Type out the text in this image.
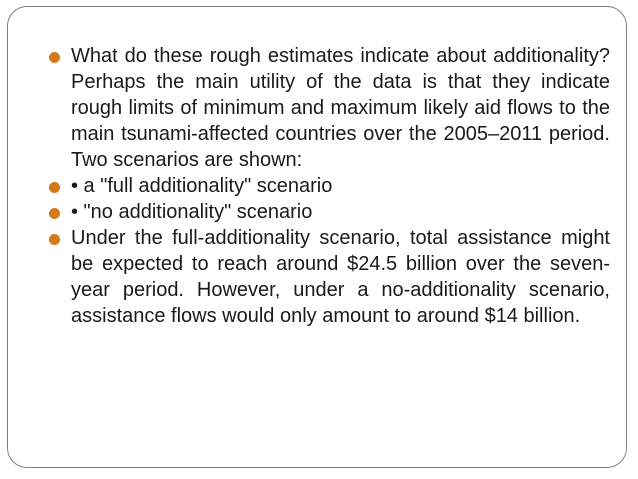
What do these rough estimates indicate about additionality? Perhaps the main utility of the data is that they indicate rough limits of minimum and maximum likely aid flows to the main tsunami-affected countries over the 2005–2011 period. Two scenarios are shown:
• a "full additionality" scenario
• "no additionality" scenario
Under the full-additionality scenario, total assistance might be expected to reach around $24.5 billion over the seven-year period. However, under a no-additionality scenario, assistance flows would only amount to around $14 billion.
